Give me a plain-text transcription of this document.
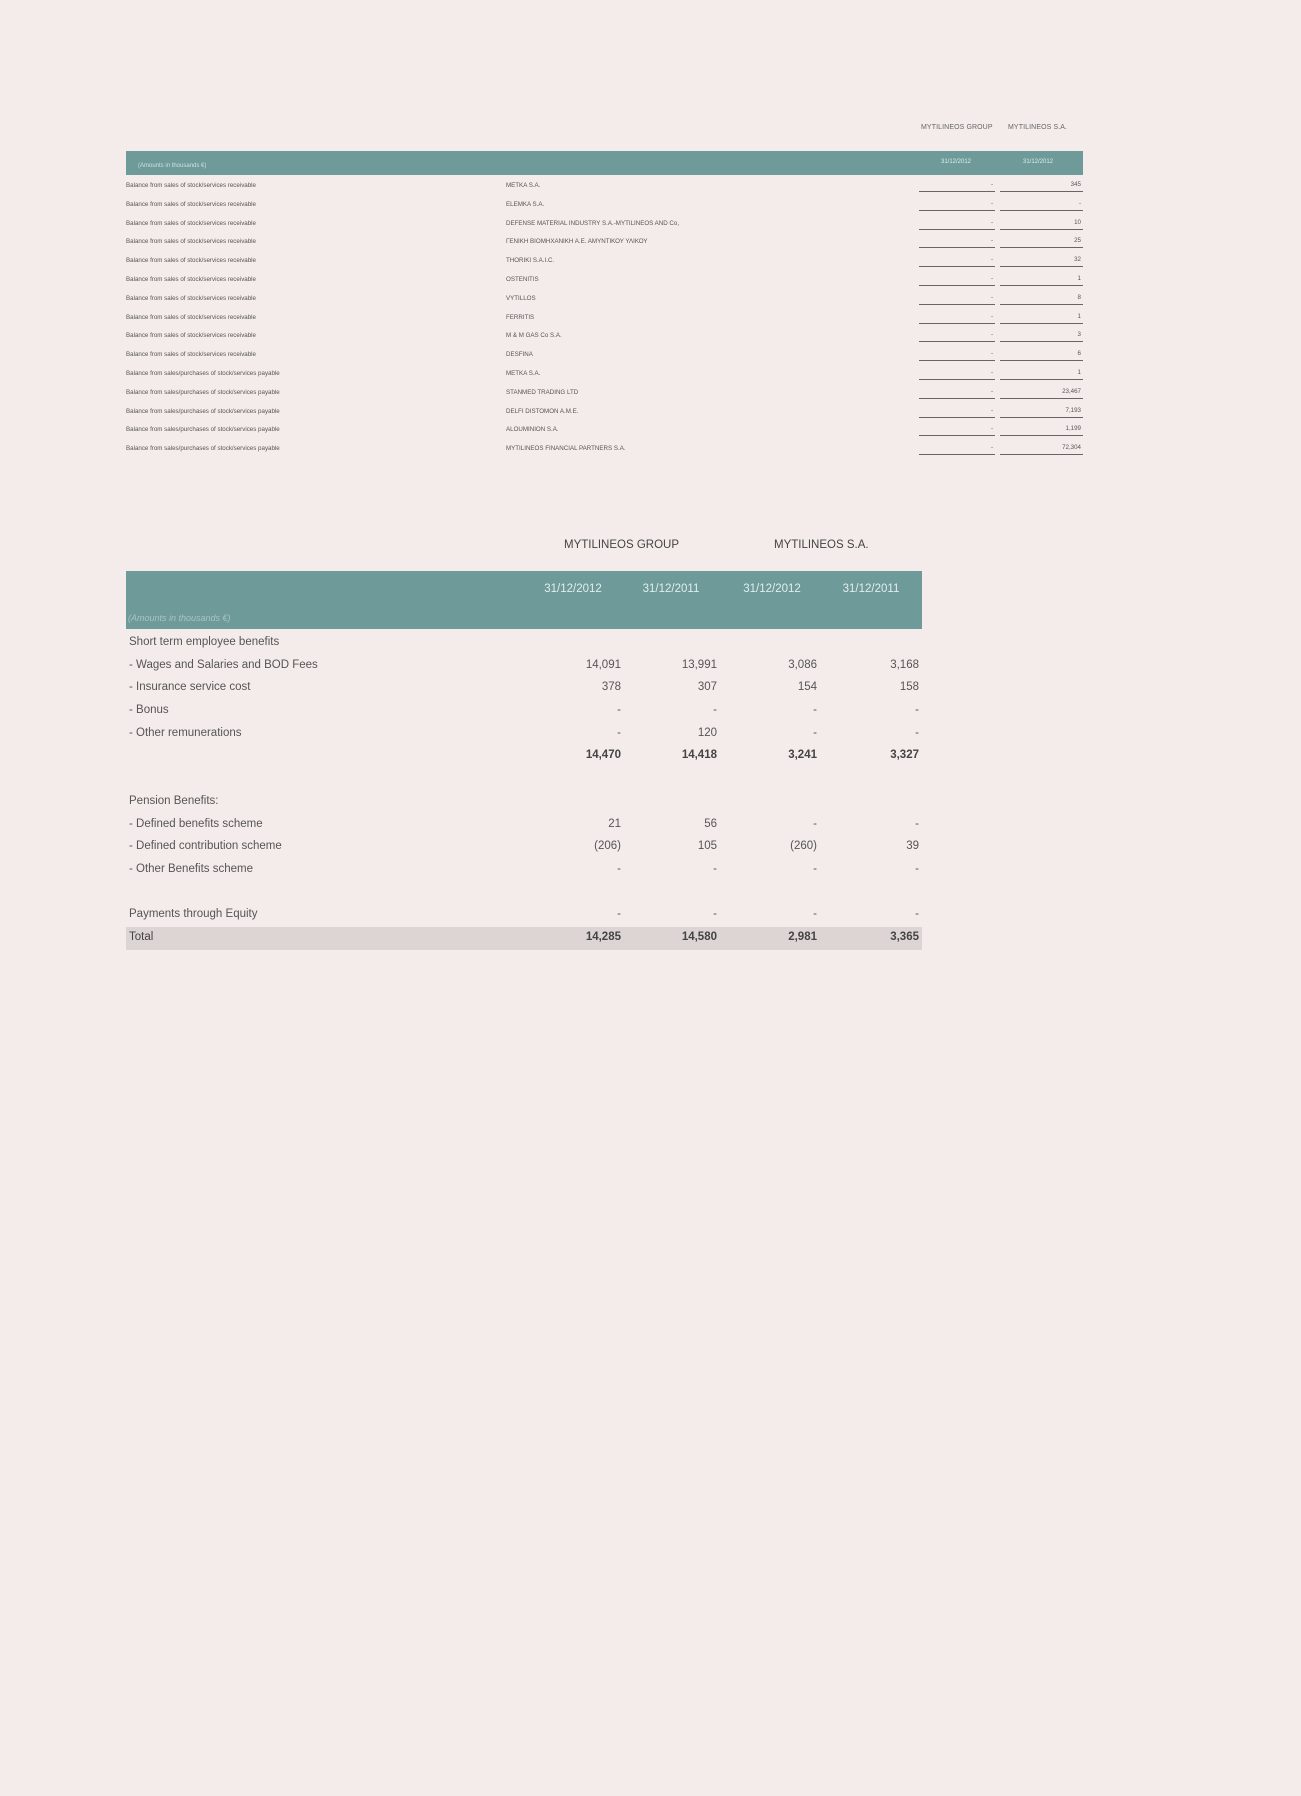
MYTILINEOS GROUP MYTILINEOS S.A.
(Amounts in thousands €)
31/12/2012	31/12/2012
Balance from sales of stock/services receivable	METKA S.A.	-	345
Balance from sales of stock/services receivable	ELEMKA S.A.	-	-
Balance from sales of stock/services receivable	DEFENSE MATERIAL INDUSTRY S.A.-MYTILINEOS AND Co,	-	10
Balance from sales of stock/services receivable	ΓΕΝΙΚΗ ΒΙΟΜΗΧΑΝΙΚΗ Α.Ε. ΑΜΥΝΤΙΚΟΥ ΥΛΙΚΟΥ	-	25
Balance from sales of stock/services receivable	THORIKI S.A.I.C.	-	32
Balance from sales of stock/services receivable	OSTENITIS	-	1
Balance from sales of stock/services receivable	VYTILLOS	-	8
Balance from sales of stock/services receivable	FERRITIS	-	1
Balance from sales of stock/services receivable	M & M GAS Co S.A.	-	3
Balance from sales of stock/services receivable	DESFINA	-	6
Balance from sales/purchases of stock/services payable	METKA S.A.	-	1
Balance from sales/purchases of stock/services payable	STANMED TRADING LTD	-	23,467
Balance from sales/purchases of stock/services payable	DELFI DISTOMON A.M.E.	-	7,193
Balance from sales/purchases of stock/services payable	ALOUMINION S.A.	-	1,199
Balance from sales/purchases of stock/services payable	MYTILINEOS FINANCIAL PARTNERS S.A.	-	72,304
MYTILINEOS GROUP	MYTILINEOS S.A.
31/12/2012	31/12/2011	31/12/2012	31/12/2011
(Amounts in thousands €)
Short term employee benefits
- Wages and Salaries and BOD Fees	14,091	13,991	3,086	3,168
- Insurance service cost	378	307	154	158
- Bonus	-	-	-	-
- Other remunerations	-	120	-	-
14,470	14,418	3,241	3,327
Pension Benefits:
- Defined benefits scheme	21	56	-	-
- Defined contribution scheme	(206)	105	(260)	39
- Other Benefits scheme	-	-	-	-
Payments through Equity	-	-	-	-
Total	14,285	14,580	2,981	3,365
